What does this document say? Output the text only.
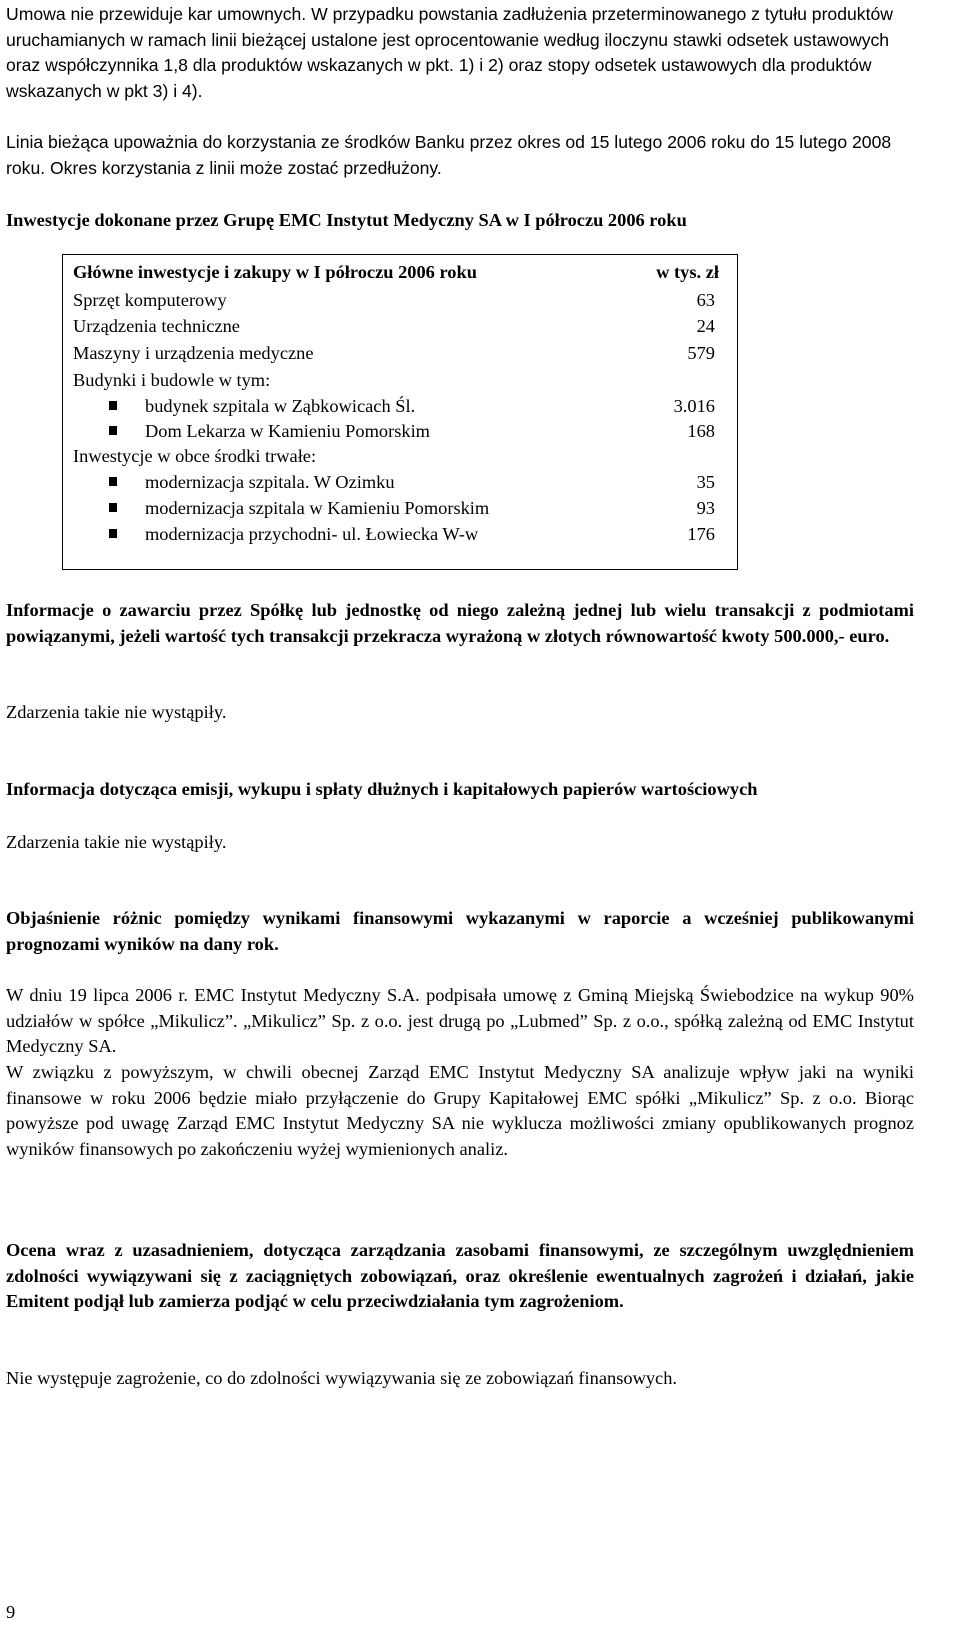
Umowa nie przewiduje kar umownych. W przypadku powstania zadłużenia przeterminowanego z tytułu produktów uruchamianych w ramach linii bieżącej ustalone jest oprocentowanie według iloczynu stawki odsetek ustawowych oraz współczynnika 1,8 dla produktów wskazanych w pkt. 1) i 2) oraz stopy odsetek ustawowych dla produktów wskazanych w pkt 3) i 4).

Linia bieżąca upoważnia do korzystania ze środków Banku przez okres od 15 lutego 2006 roku do 15 lutego 2008 roku. Okres korzystania z linii może zostać przedłużony.

Inwestycje dokonane przez Grupę EMC Instytut Medyczny SA w I półroczu 2006 roku

Główne inwestycje i zakupy w I półroczu 2006 roku	w tys. zł
Sprzęt komputerowy	63
Urządzenia techniczne	24
Maszyny i urządzenia medyczne	579
Budynki i budowle w tym:
budynek szpitala w Ząbkowicach Śl.	3.016
Dom Lekarza w Kamieniu Pomorskim	168
Inwestycje w obce środki trwałe:
modernizacja szpitala. W Ozimku	35
modernizacja szpitala w Kamieniu Pomorskim	93
modernizacja przychodni- ul. Łowiecka W-w	176

Informacje o zawarciu przez Spółkę lub jednostkę od niego zależną jednej lub wielu transakcji z podmiotami powiązanymi, jeżeli wartość tych transakcji przekracza wyrażoną w złotych równowartość kwoty 500.000,- euro.

Zdarzenia takie nie wystąpiły.

Informacja dotycząca emisji, wykupu i spłaty dłużnych i kapitałowych papierów wartościowych

Zdarzenia takie nie wystąpiły.

Objaśnienie różnic pomiędzy wynikami finansowymi wykazanymi w raporcie a wcześniej publikowanymi prognozami wyników na dany rok.

W dniu 19 lipca 2006 r. EMC Instytut Medyczny S.A. podpisała umowę z Gminą Miejską Świebodzice na wykup 90% udziałów w spółce „Mikulicz”. „Mikulicz” Sp. z o.o. jest drugą po „Lubmed” Sp. z o.o., spółką zależną od EMC Instytut Medyczny SA.

W związku z powyższym, w chwili obecnej Zarząd EMC Instytut Medyczny SA analizuje wpływ jaki na wyniki finansowe w roku 2006 będzie miało przyłączenie do Grupy Kapitałowej EMC spółki „Mikulicz” Sp. z o.o. Biorąc powyższe pod uwagę Zarząd EMC Instytut Medyczny SA nie wyklucza możliwości zmiany opublikowanych prognoz wyników finansowych po zakończeniu wyżej wymienionych analiz.

Ocena wraz z uzasadnieniem, dotycząca zarządzania zasobami finansowymi, ze szczególnym uwzględnieniem zdolności wywiązywani się z zaciągniętych zobowiązań, oraz określenie ewentualnych zagrożeń i działań, jakie Emitent podjął lub zamierza podjąć w celu przeciwdziałania tym zagrożeniom.

Nie występuje zagrożenie, co do zdolności wywiązywania się ze zobowiązań finansowych.

9
